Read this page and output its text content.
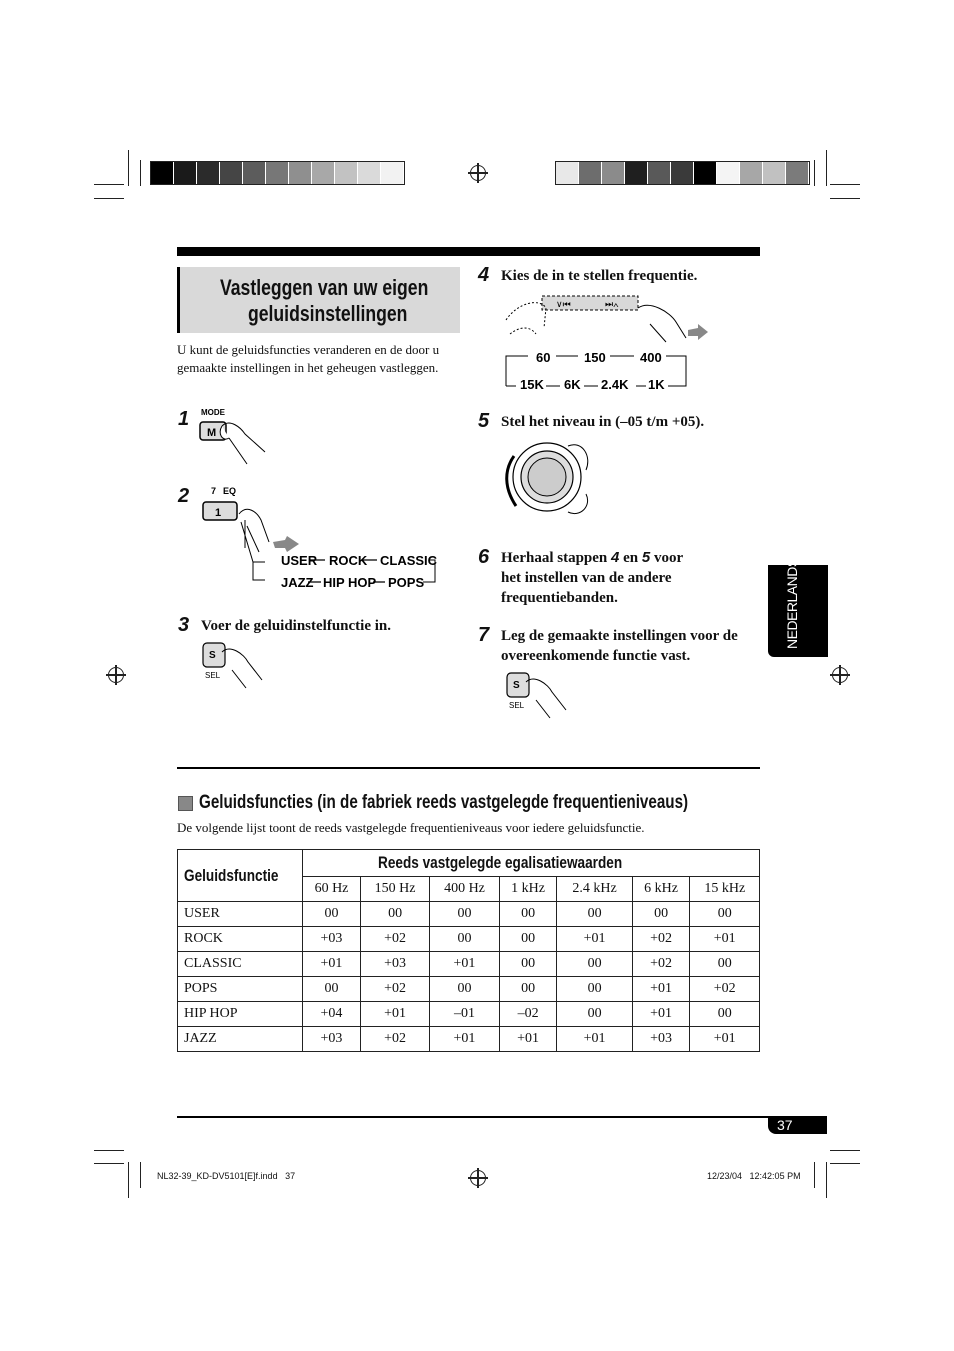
Vastleggen van uw eigen
geluidsinstellingen
U kunt de geluidsfuncties veranderen en de door u gemaakte instellingen in het geheugen vastleggen.
1 MODE
M
2 7 EQ
1
USER ROCK CLASSIC
JAZZ HIP HOP POPS
3 Voer de geluidinstelfunctie in.
S
SEL
4 Kies de in te stellen frequentie.
∨⏮	⏭∧
60	150	400
15K 6K 2.4K 1K
5 Stel het niveau in (–05 t/m +05).
6 Herhaal stappen 4 en 5 voor
het instellen van de andere
frequentiebanden.
7 Leg de gemaakte instellingen voor de
overeenkomende functie vast.
S
SEL
NEDERLANDS
Geluidsfuncties (in de fabriek reeds vastgelegde frequentieniveaus)
De volgende lijst toont de reeds vastgelegde frequentieniveaus voor iedere geluidsfunctie.
Geluidsfunctie	Reeds vastgelegde egalisatiewaarden						
	60 Hz	150 Hz	400 Hz	1 kHz	2.4 kHz	6 kHz	15 kHz
USER	00	00	00	00	00	00	00
ROCK	+03	+02	00	00	+01	+02	+01
CLASSIC	+01	+03	+01	00	00	+02	00
POPS	00	+02	00	00	00	+01	+02
HIP HOP	+04	+01	–01	–02	00	+01	00
JAZZ	+03	+02	+01	+01	+01	+03	+01
37
NL32-39_KD-DV5101[E]f.indd   37	12/23/04   12:42:05 PM
